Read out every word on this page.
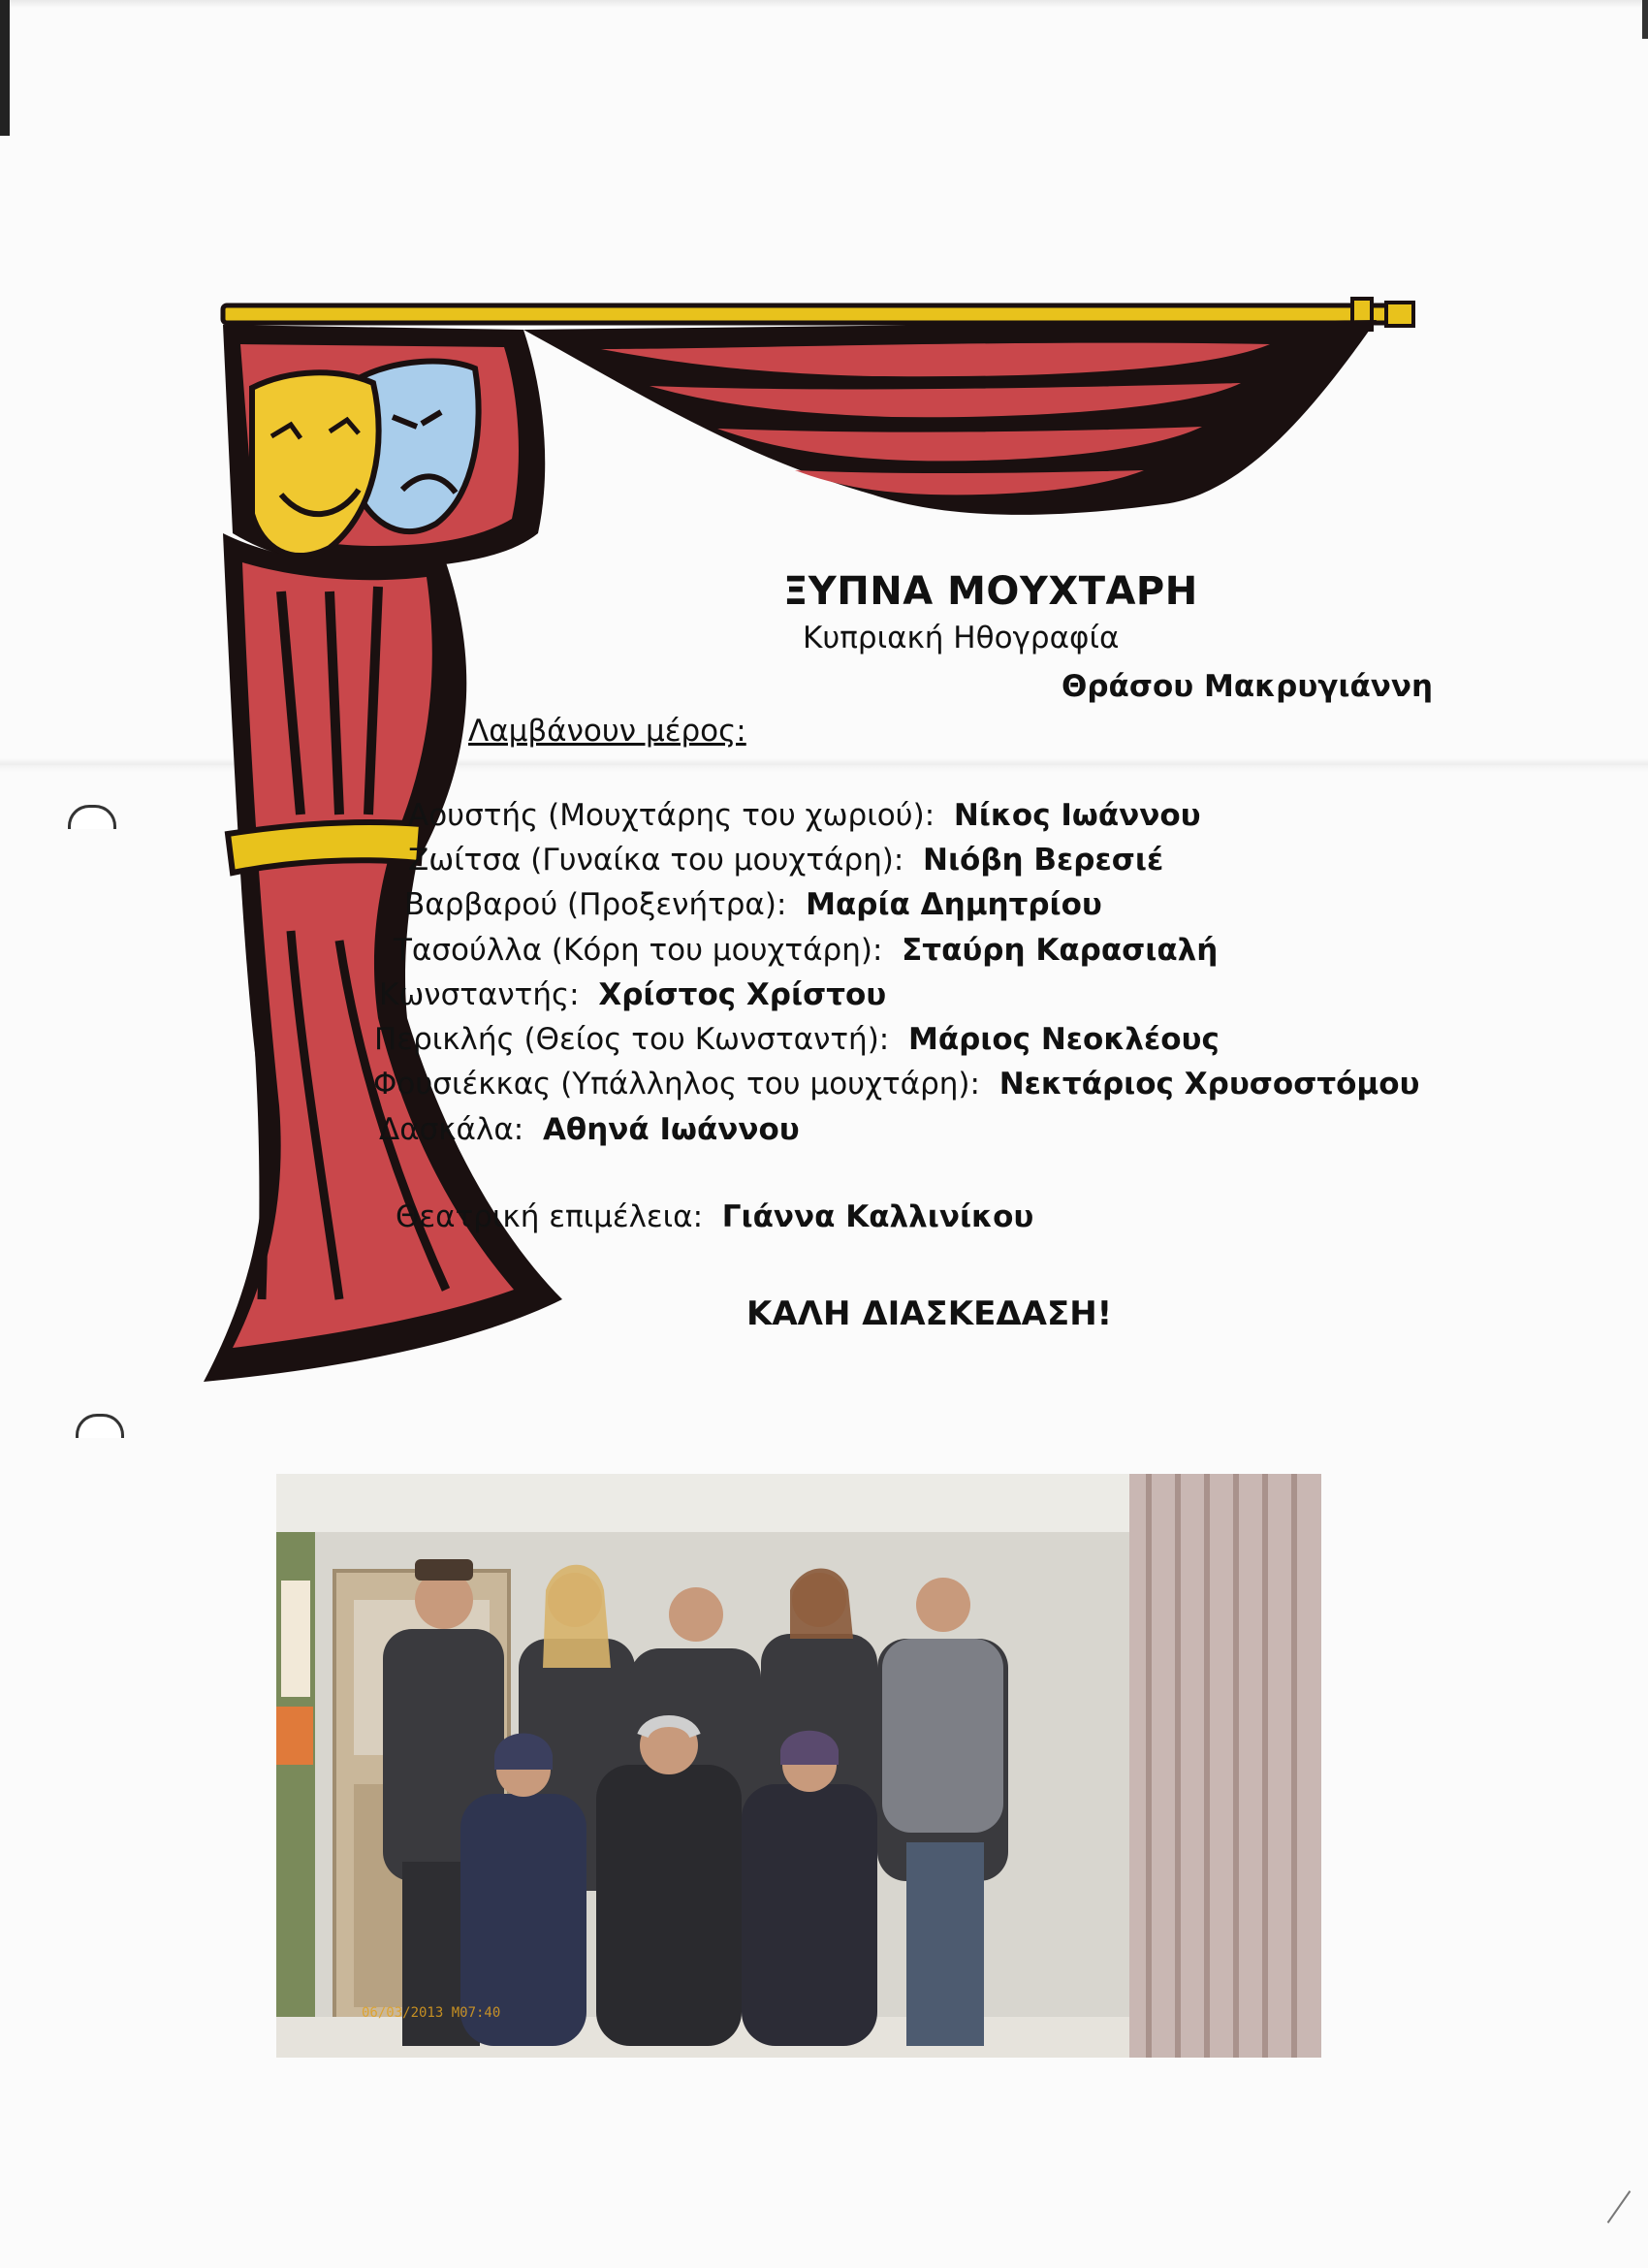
ΞΥΠΝΑ ΜΟΥΧΤΑΡΗ
Κυπριακή Ηθογραφία
Θράσου Μακρυγιάννη
Λαμβάνουν μέρος:
Αουστής (Μουχτάρης του χωριού): Νίκος Ιωάννου
Ζωίτσα (Γυναίκα του μουχτάρη): Νιόβη Βερεσιέ
Βαρβαρού (Προξενήτρα): Μαρία Δημητρίου
Τασούλλα (Κόρη του μουχτάρη): Σταύρη Καρασιαλή
Κωνσταντής: Χρίστος Χρίστου
Περικλής (Θείος του Κωνσταντή): Μάριος Νεοκλέους
Φουσιέκκας (Υπάλληλος του μουχτάρη): Νεκτάριος Χρυσοστόμου
Δασκάλα: Αθηνά Ιωάννου
Θεατρική επιμέλεια: Γιάννα Καλλινίκου
ΚΑΛΗ ΔΙΑΣΚΕΔΑΣΗ!
06/03/2013 M07:40
